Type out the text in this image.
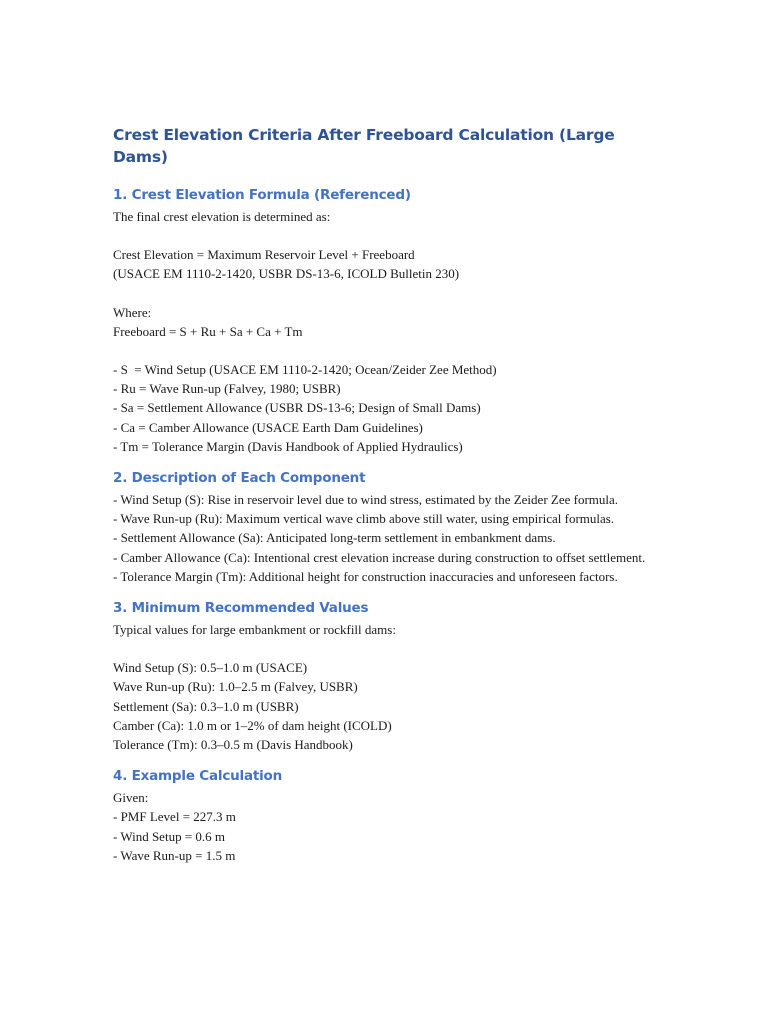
Crest Elevation Criteria After Freeboard Calculation (Large Dams)
1. Crest Elevation Formula (Referenced)

The final crest elevation is determined as:

Crest Elevation = Maximum Reservoir Level + Freeboard

(USACE EM 1110-2-1420, USBR DS-13-6, ICOLD Bulletin 230)

Where:

Freeboard = S + Ru + Sa + Ca + Tm

- S  = Wind Setup (USACE EM 1110-2-1420; Ocean/Zeider Zee Method)

- Ru = Wave Run-up (Falvey, 1980; USBR)

- Sa = Settlement Allowance (USBR DS-13-6; Design of Small Dams)

- Ca = Camber Allowance (USACE Earth Dam Guidelines)

- Tm = Tolerance Margin (Davis Handbook of Applied Hydraulics)

2. Description of Each Component

- Wind Setup (S): Rise in reservoir level due to wind stress, estimated by the Zeider Zee formula.

- Wave Run-up (Ru): Maximum vertical wave climb above still water, using empirical formulas.

- Settlement Allowance (Sa): Anticipated long-term settlement in embankment dams.

- Camber Allowance (Ca): Intentional crest elevation increase during construction to offset settlement.

- Tolerance Margin (Tm): Additional height for construction inaccuracies and unforeseen factors.

3. Minimum Recommended Values

Typical values for large embankment or rockfill dams:

Wind Setup (S): 0.5–1.0 m (USACE)

Wave Run-up (Ru): 1.0–2.5 m (Falvey, USBR)

Settlement (Sa): 0.3–1.0 m (USBR)

Camber (Ca): 1.0 m or 1–2% of dam height (ICOLD)

Tolerance (Tm): 0.3–0.5 m (Davis Handbook)

4. Example Calculation

Given:

- PMF Level = 227.3 m

- Wind Setup = 0.6 m

- Wave Run-up = 1.5 m
